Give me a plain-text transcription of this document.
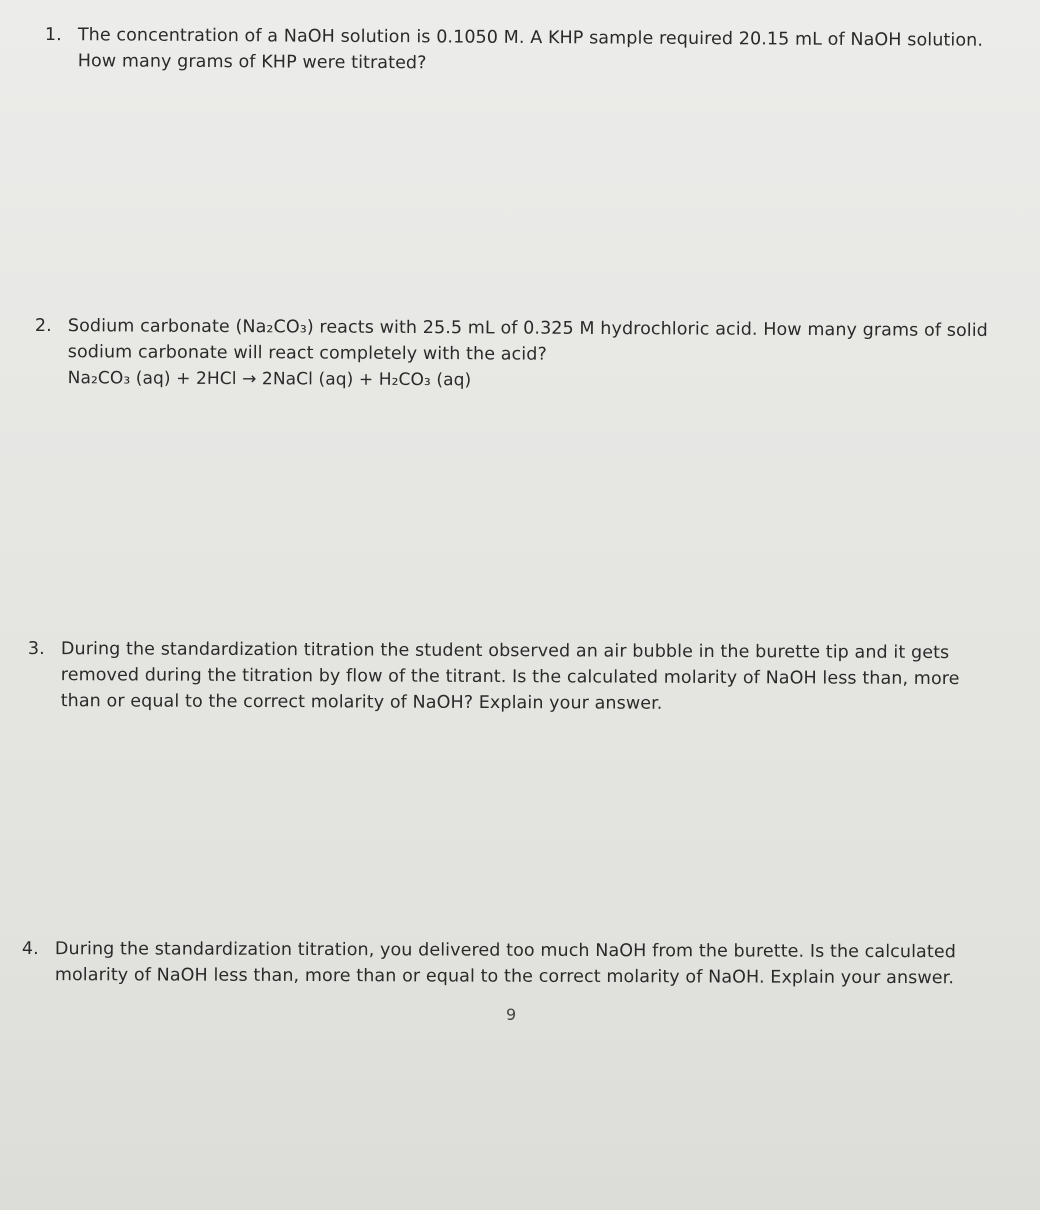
1. The concentration of a NaOH solution is 0.1050 M. A KHP sample required 20.15 mL of NaOH solution.
How many grams of KHP were titrated?
2. Sodium carbonate (Na₂CO₃) reacts with 25.5 mL of 0.325 M hydrochloric acid. How many grams of solid
sodium carbonate will react completely with the acid?
Na₂CO₃ (aq) + 2HCl → 2NaCl (aq) + H₂CO₃ (aq)
3. During the standardization titration the student observed an air bubble in the burette tip and it gets
removed during the titration by flow of the titrant. Is the calculated molarity of NaOH less than, more
than or equal to the correct molarity of NaOH? Explain your answer.
4. During the standardization titration, you delivered too much NaOH from the burette. Is the calculated
molarity of NaOH less than, more than or equal to the correct molarity of NaOH. Explain your answer.
9
